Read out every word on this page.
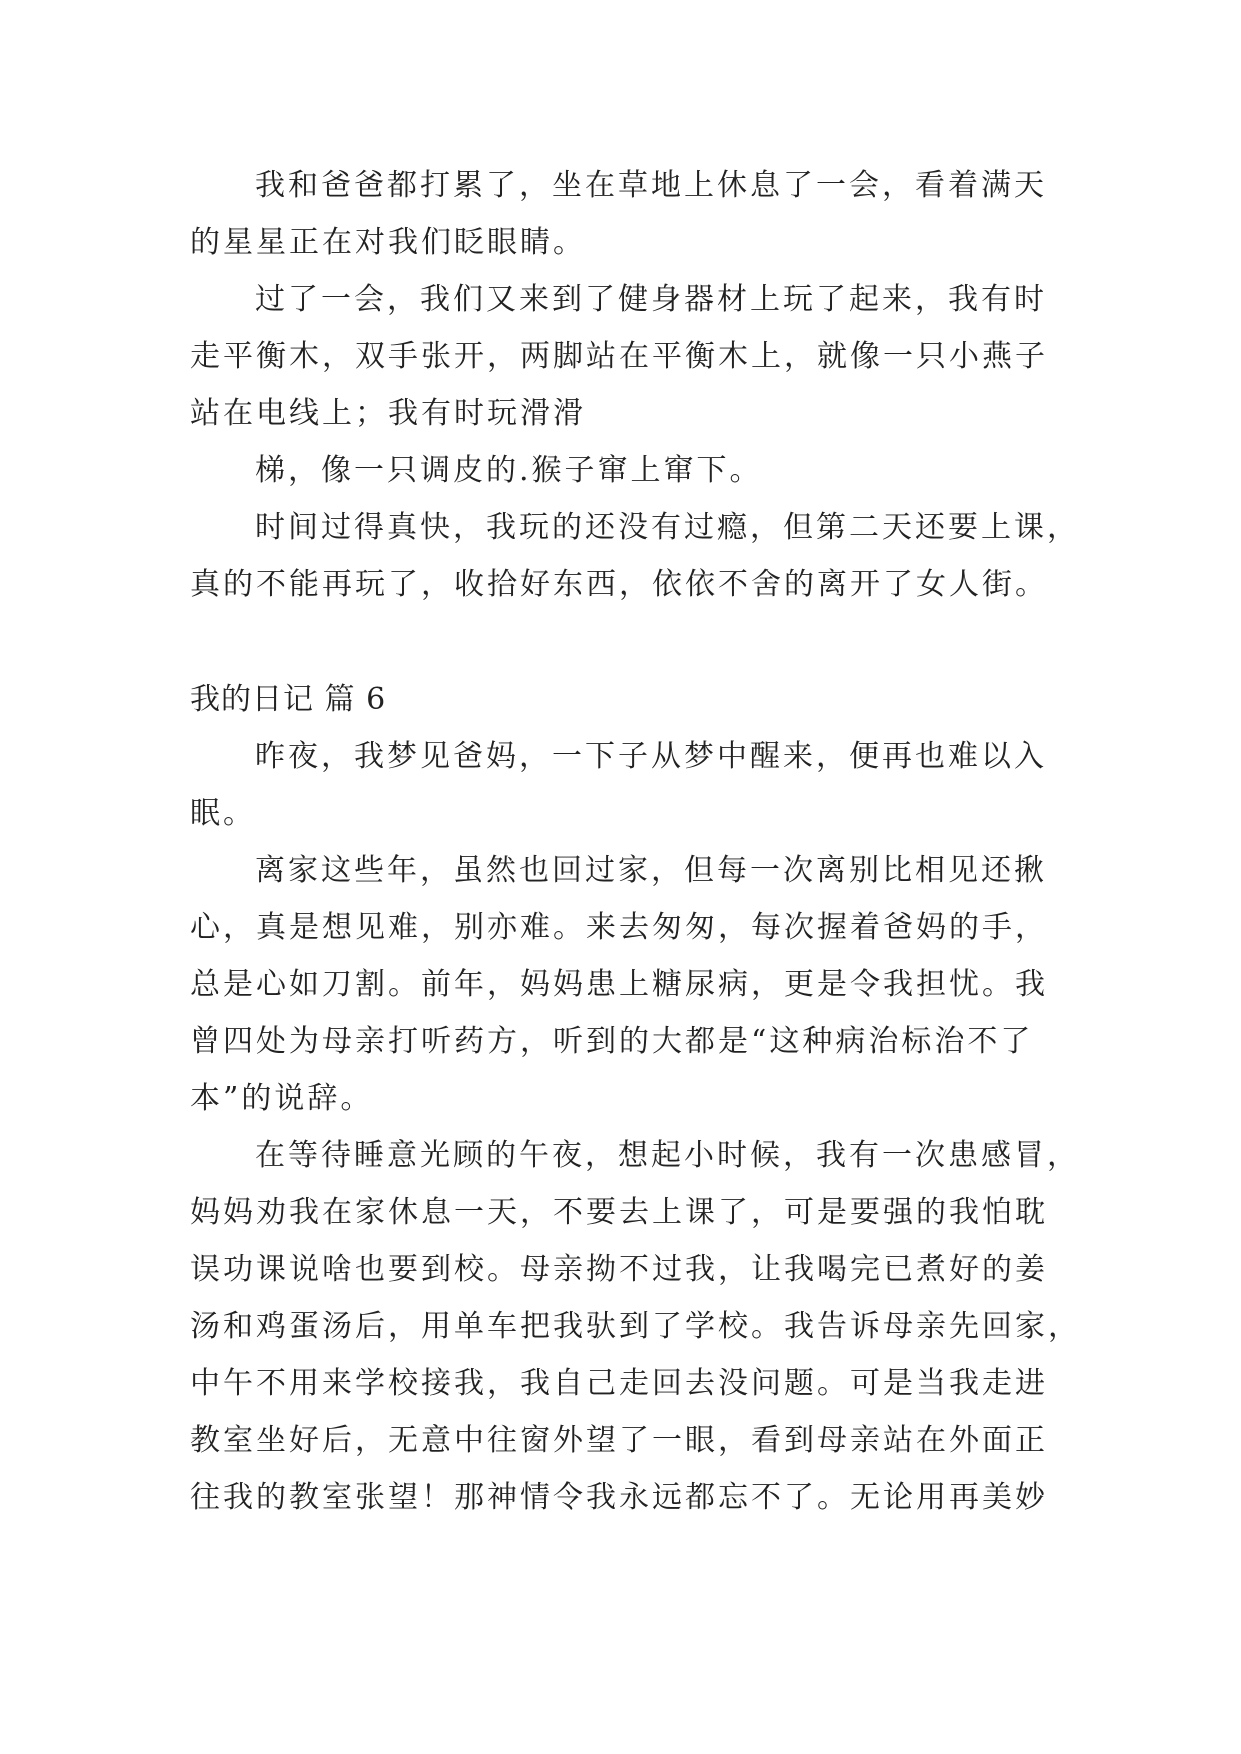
我和爸爸都打累了，坐在草地上休息了一会，看着满天

的星星正在对我们眨眼睛。

过了一会，我们又来到了健身器材上玩了起来，我有时

走平衡木，双手张开，两脚站在平衡木上，就像一只小燕子

站在电线上；我有时玩滑滑

梯，像一只调皮的.猴子窜上窜下。

时间过得真快，我玩的还没有过瘾，但第二天还要上课，

真的不能再玩了，收拾好东西，依依不舍的离开了女人街。

我的日记 篇 6

昨夜，我梦见爸妈，一下子从梦中醒来，便再也难以入

眠。

离家这些年，虽然也回过家，但每一次离别比相见还揪

心，真是想见难，别亦难。来去匆匆，每次握着爸妈的手，

总是心如刀割。前年，妈妈患上糖尿病，更是令我担忧。我

曾四处为母亲打听药方，听到的大都是“这种病治标治不了

本”的说辞。

在等待睡意光顾的午夜，想起小时候，我有一次患感冒，

妈妈劝我在家休息一天，不要去上课了，可是要强的我怕耽

误功课说啥也要到校。母亲拗不过我，让我喝完已煮好的姜

汤和鸡蛋汤后，用单车把我驮到了学校。我告诉母亲先回家，

中午不用来学校接我，我自己走回去没问题。可是当我走进

教室坐好后，无意中往窗外望了一眼，看到母亲站在外面正

往我的教室张望！那神情令我永远都忘不了。无论用再美妙
